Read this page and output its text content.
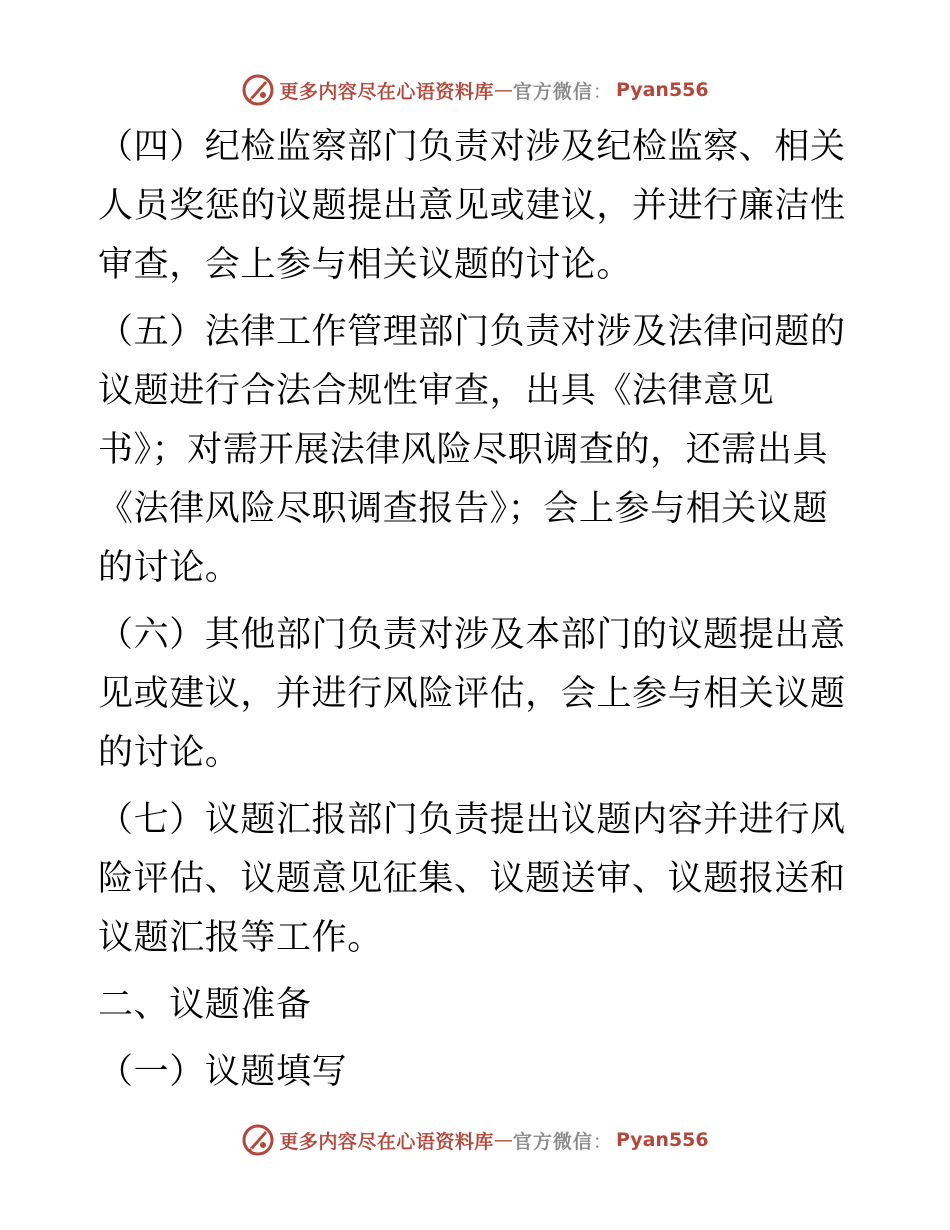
更多内容尽在心语资料库 — 官方微信 ： Pyan556

（四）纪检监察部门负责对涉及纪检监察、相关人员奖惩的议题提出意见或建议，并进行廉洁性审查，会上参与相关议题的讨论。

（五）法律工作管理部门负责对涉及法律问题的议题进行合法合规性审查，出具《法律意见书》；对需开展法律风险尽职调查的，还需出具《法律风险尽职调查报告》；会上参与相关议题的讨论。

（六）其他部门负责对涉及本部门的议题提出意见或建议，并进行风险评估，会上参与相关议题的讨论。

（七）议题汇报部门负责提出议题内容并进行风险评估、议题意见征集、议题送审、议题报送和议题汇报等工作。

二、议题准备

（一）议题填写

更多内容尽在心语资料库 — 官方微信 ： Pyan556
